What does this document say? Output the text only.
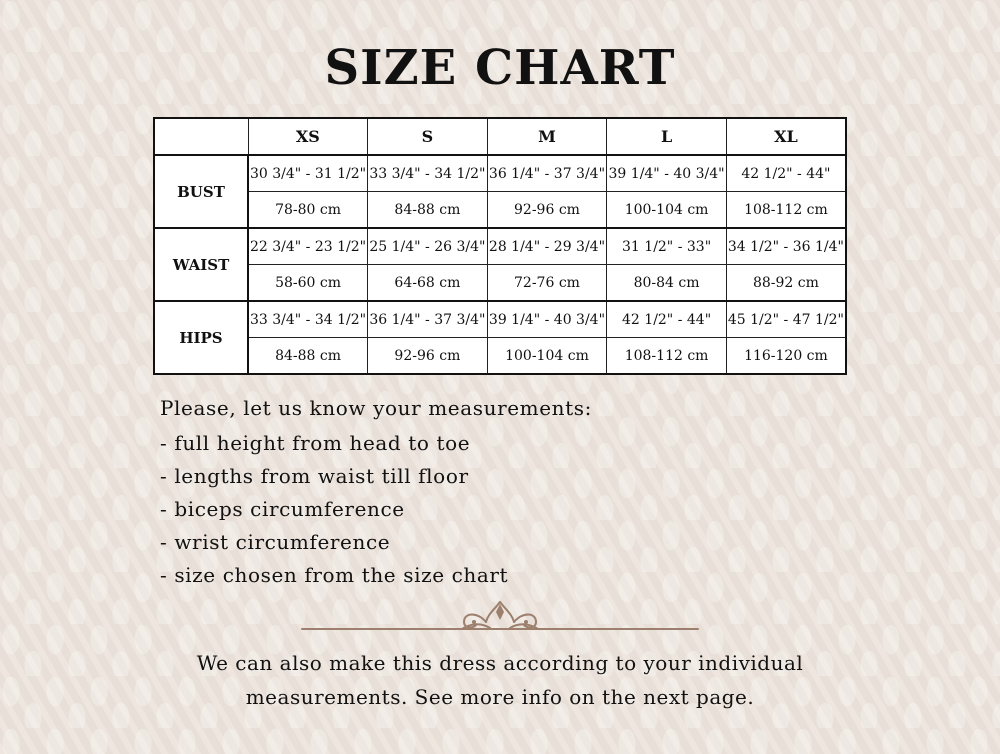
SIZE CHART
	XS	S	M	L	XL
BUST	30 3/4" - 31 1/2"	33 3/4" - 34 1/2"	36 1/4" - 37 3/4"	39 1/4" - 40 3/4"	42 1/2" - 44"
	78-80 cm	84-88 cm	92-96 cm	100-104 cm	108-112 cm
WAIST	22 3/4" - 23 1/2"	25 1/4" - 26 3/4"	28 1/4" - 29 3/4"	31 1/2" - 33"	34 1/2" - 36 1/4"
	58-60 cm	64-68 cm	72-76 cm	80-84 cm	88-92 cm
HIPS	33 3/4" - 34 1/2"	36 1/4" - 37 3/4"	39 1/4" - 40 3/4"	42 1/2" - 44"	45 1/2" - 47 1/2"
	84-88 cm	92-96 cm	100-104 cm	108-112 cm	116-120 cm
Please, let us know your measurements:
- full height from head to toe
- lengths from waist till floor
- biceps circumference
- wrist circumference
- size chosen from the size chart
We can also make this dress according to your individual
measurements. See more info on the next page.
